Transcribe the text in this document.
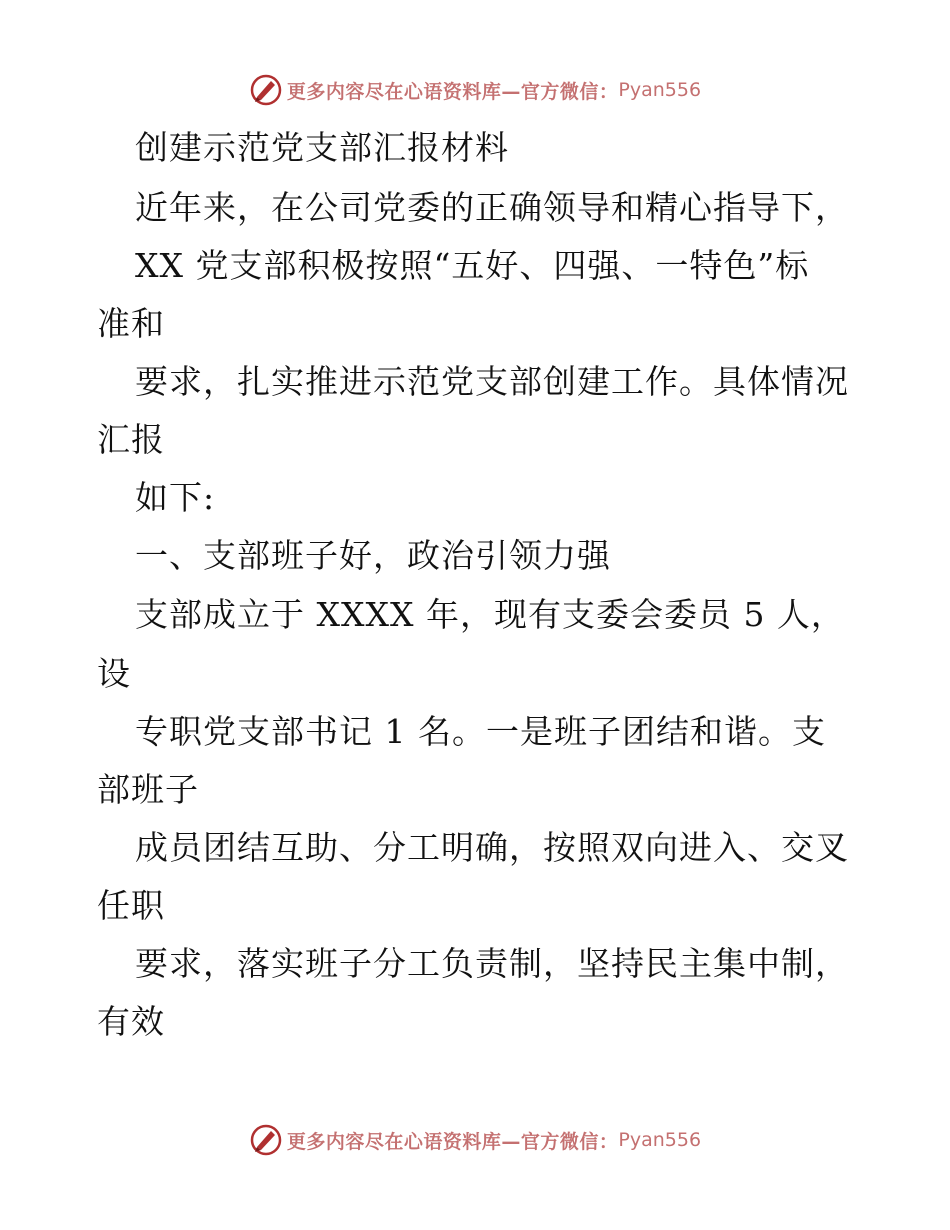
更多内容尽在心语资料库—官方微信： Pyan556
创建示范党支部汇报材料
近年来，在公司党委的正确领导和精心指导下，
XX 党支部积极按照“五好、四强、一特色”标
准和
要求，扎实推进示范党支部创建工作。具体情况
汇报
如下:
一、支部班子好，政治引领力强
支部成立于 XXXX 年，现有支委会委员 5 人，
设
专职党支部书记 1 名。一是班子团结和谐。支
部班子
成员团结互助、分工明确，按照双向进入、交叉
任职
要求，落实班子分工负责制，坚持民主集中制，
有效
更多内容尽在心语资料库—官方微信： Pyan556
